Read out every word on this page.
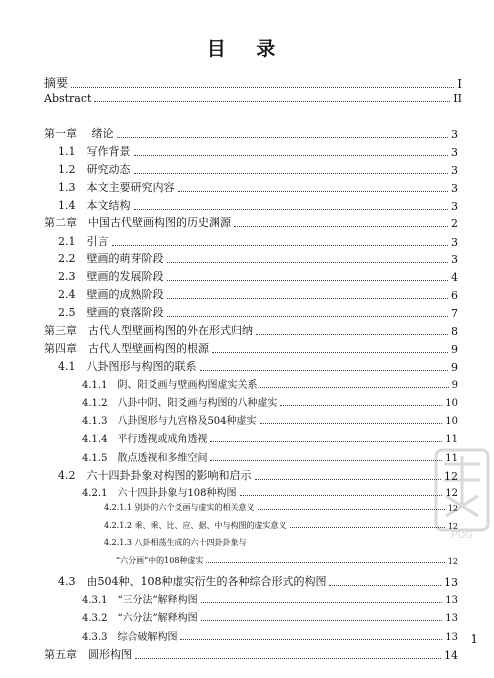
目 录
摘要	I
Abstract	II
第一章　 绪论	3
1.1　写作背景	3
1.2　研究动态	3
1.3　本文主要研究内容	3
1.4　本文结构	3
第二章　中国古代壁画构图的历史渊源	2
2.1　引言	3
2.2　壁画的萌芽阶段	3
2.3　壁画的发展阶段	4
2.4　壁画的成熟阶段	6
2.5　壁画的衰落阶段	7
第三章　古代人型壁画构图的外在形式归纳	8
第四章　古代人型壁画构图的根源	9
4.1　八卦图形与构图的联系	9
4.1.1　阴、阳爻画与壁画构图虚实关系	9
4.1.2　八卦中阴、阳爻画与构图的八种虚实	10
4.1.3　八卦图形与九宫格及504种虚实	10
4.1.4　平行透视或成角透视	11
4.1.5　散点透视和多维空间	11
4.2　六十四卦卦象对构图的影响和启示	12
4.2.1　六十四卦卦象与108种构图	12
4.2.1.1 别卦的六个爻画与虚实的相关意义	12
4.2.1.2 乘、乘、比、应、据、中与构图的虚实意义	12
4.2.1.3 八卦相荡生成的六十四卦卦象与
“六分画”中的108种虚实	12
4.3　由504种、108种虚实衍生的各种综合形式的构图	13
4.3.1　“三分法”解释构图	13
4.3.2　“六分法”解释构图	13
4.3.3　综合破解构图	13
第五章　圆形构图	14
1
PDG
